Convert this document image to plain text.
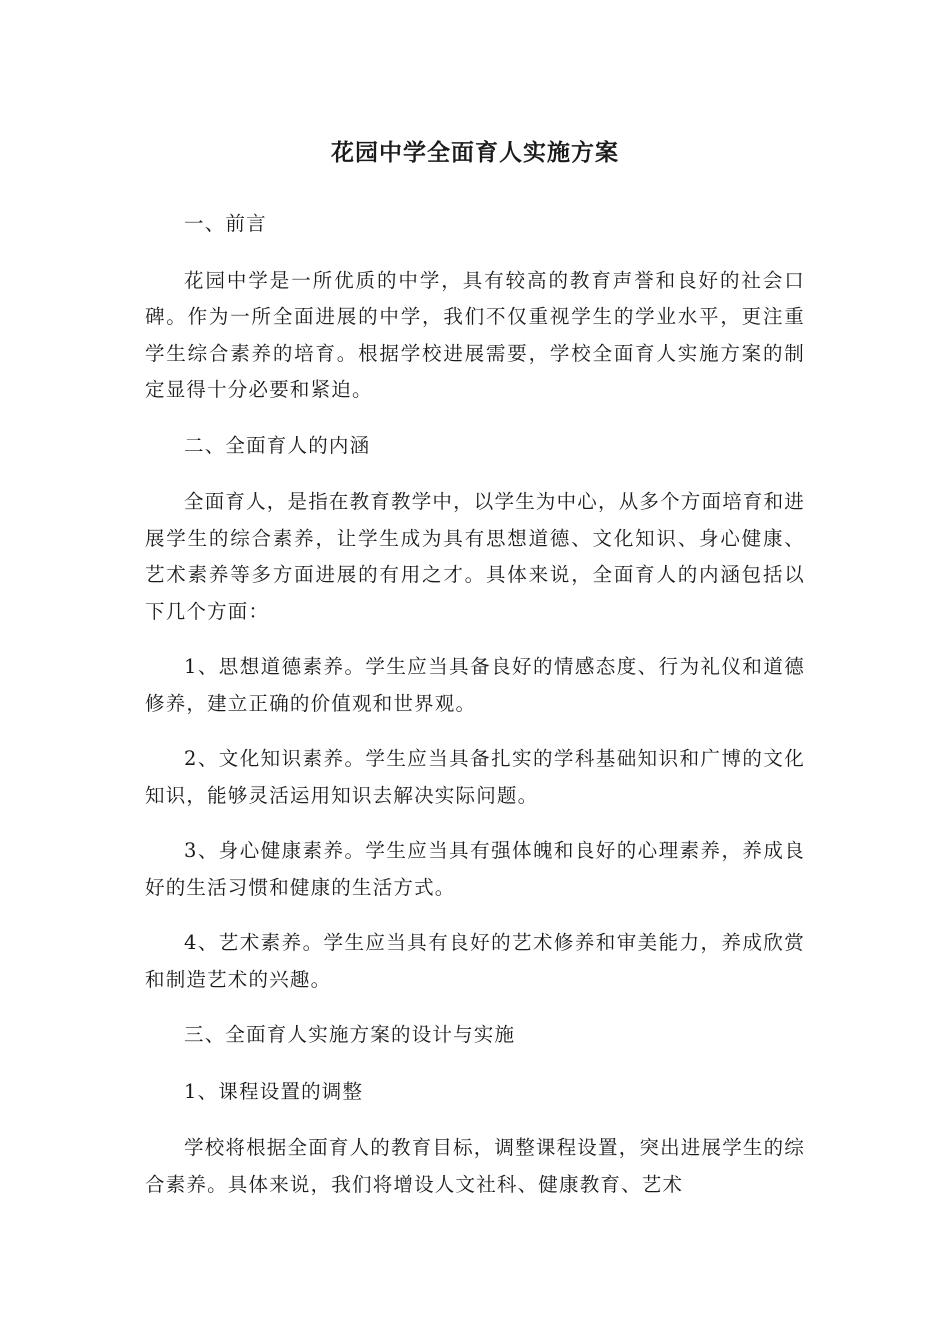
花园中学全面育人实施方案

一、前言

花园中学是一所优质的中学，具有较高的教育声誉和良好的社会口碑。作为一所全面进展的中学，我们不仅重视学生的学业水平，更注重学生综合素养的培育。根据学校进展需要，学校全面育人实施方案的制定显得十分必要和紧迫。

二、全面育人的内涵

全面育人，是指在教育教学中，以学生为中心，从多个方面培育和进展学生的综合素养，让学生成为具有思想道德、文化知识、身心健康、艺术素养等多方面进展的有用之才。具体来说，全面育人的内涵包括以下几个方面：

1、思想道德素养。学生应当具备良好的情感态度、行为礼仪和道德修养，建立正确的价值观和世界观。

2、文化知识素养。学生应当具备扎实的学科基础知识和广博的文化知识，能够灵活运用知识去解决实际问题。

3、身心健康素养。学生应当具有强体魄和良好的心理素养，养成良好的生活习惯和健康的生活方式。

4、艺术素养。学生应当具有良好的艺术修养和审美能力，养成欣赏和制造艺术的兴趣。

三、全面育人实施方案的设计与实施

1、课程设置的调整

学校将根据全面育人的教育目标，调整课程设置，突出进展学生的综合素养。具体来说，我们将增设人文社科、健康教育、艺术
